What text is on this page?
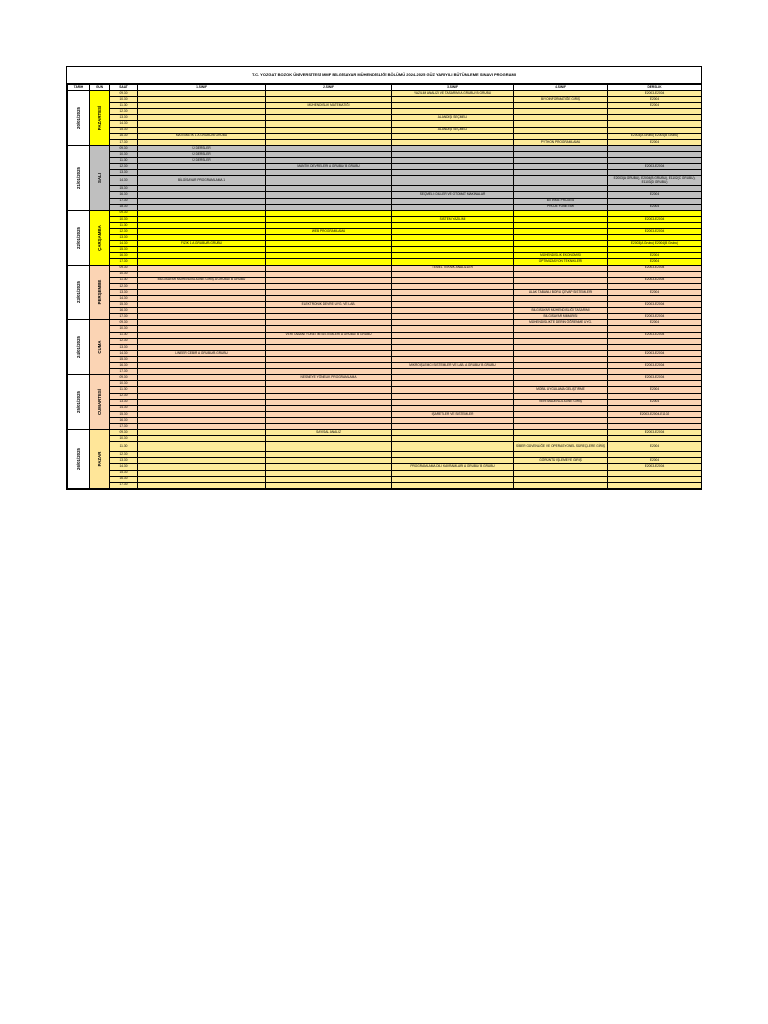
T.C. YOZGAT BOZOK ÜNİVERSİTESİ MMF BİLGİSAYAR MÜHENDİSLİĞİ BÖLÜMÜ 2024-2025 GÜZ YARIYILI BÜTÜNLEME SINAVI PROGRAMI
TARİH	GÜN	SAAT	1.SINIF	2.SINIF	3.SINIF	4.SINIF	DERSLİK

20/01/2025	PAZARTESİ	09.30			YAZILIM ANALİZİ VE TASARIMI A GRUBU/ B GRUBU		E2003-E2004
		10.30				BİYOİNFORMATİĞE GİRİŞ	E2004
		11.30		MÜHENDİSLİK MATEMATİĞİ			E2004
		12.30					
		13.30			ALANDIŞI SEÇMELİ		
		14.30					
		15.30			ALANDIŞI SEÇMELİ		
		16.30	MATEMATİK 1 A GRUBU/B GRUBU				E2003(A Grubu) E2004(B Grubu)
		17.30				PYTHON PROGRAMLAMA	E2004

21/01/2025	SALI	09.30	Ü DERSLER				
		10.30	Ü DERSLER				
		11.30	Ü DERSLER				
		12.30		MANTIK DEVRELERİ A GRUBU/ B GRUBU			E2003-E2004
		13.30					
		14.30	BİLGİSAYAR PROGRAMLAMA 1				E2003(A GRUBU), E2004(B GRUBU), E1102(C GRUBU), E1103(D GRUBU)
		15.30					
		16.30			SEÇMELİ: DİLLER VE OTOMAT MAKİNALAR		E2004
		17.30				BİTİRME PROJESİ	
		18.30				PROJE YÖNETİMİ	E2004

22/01/2025	ÇARŞAMBA	09.30					
		10.30			SİSTEM YAZILIMI		E2003-E2004
		11.30					
		12.30		WEB PROGRAMLAMA			E2003-E2004
		13.30					
		14.30	FİZİK 1 A GRUBU/B GRUBU				E2003(A Grubu) E2004(B Grubu)
		15.30					
		16.30				MÜHENDİSLİK EKONOMİSİ	E2004
		17.30				OPTİMİZASYON TEKNİKLERİ	E2004

23/01/2025	PERŞEMBE	09.30			TEMEL TEKNİK ANALİZLER		E2003-E2004
		10.30					
		11.30	BİLGİSAYAR MÜHENDİSLİĞİNE GİRİŞ A GRUBU/ B GRUBU				E2003-E2004
		12.30					
		13.30				ULAK TABANLI BORU ÇEVAP SİSTEMLERİ	E2004
		14.30					
		15.30		ELEKTRONİK DEVRE UYG. VE LAB.			E2003-E2004
		16.30				BİLGİSAYAR MÜHENDİSLİĞİ TASARIMI	
		17.30				BİLGİSAYAR MİMARİSİ	E2003-E2004

24/01/2025	CUMA	09.30				MÜHENDİSLİKTE DERİN ÖĞRENME UYG.	E2004
		10.30					
		11.30		VERİ TABANI YÖNETİM SİSTEMLERİ A GRUBU/ B GRUBU			E2003-E2004
		12.30					
		13.30					
		14.30	LİNEER CEBİR A GRUBU/B GRUBU				E2003-E2004
		15.30					
		16.30			MİKROİŞLEMCİ SİSTEMLER VE LAB. A GRUBU/ B GRUBU		E2003-E2004
		17.30					

25/01/2025	CUMARTESİ	09.30		NESNEYE YÖNELİK PROGRAMLAMA			E2003-E2004
		10.30					
		11.30				MOBİL UYGULAMA GELİŞTİRME	E2004
		12.30					
		13.30				VERİ MADENCİLİĞİNE GİRİŞ	E2004
		14.30					
		15.30			İŞARETLER VE SİSTEMLER		E2003-E2004-E1102
		16.30					
		17.30					

26/01/2025	PAZAR	09.30		SAYISAL ANALİZ			E2003-E2004
		10.30					
		11.30				SİBER GÜVENLİĞE VE OPERASYONEL SÜREÇLERE GİRİŞ	E2004
		12.30					
		13.30				GÖRÜNTÜ İŞLEMEYE GİRİŞ	E2004
		14.30			PROGRAMLAMA DİLİ KAVRAMLARI A GRUBU/ B GRUBU		E2003-E2004
		15.30					
		16.30					
		17.30					
